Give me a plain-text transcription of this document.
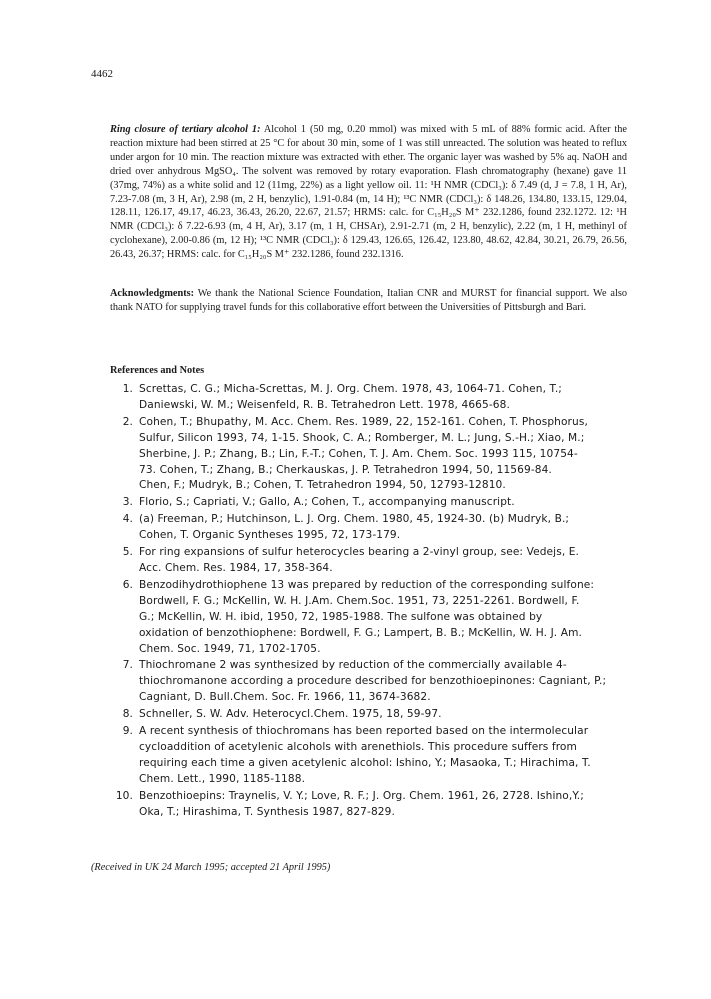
4462
Ring closure of tertiary alcohol 1: Alcohol 1 (50 mg, 0.20 mmol) was mixed with 5 mL of 88% formic acid. After the reaction mixture had been stirred at 25 °C for about 30 min, some of 1 was still unreacted. The solution was heated to reflux under argon for 10 min. The reaction mixture was extracted with ether. The organic layer was washed by 5% aq. NaOH and dried over anhydrous MgSO₄. The solvent was removed by rotary evaporation. Flash chromatography (hexane) gave 11 (37mg, 74%) as a white solid and 12 (11mg, 22%) as a light yellow oil. 11: ¹H NMR (CDCl₃): δ 7.49 (d, J = 7.8, 1 H, Ar), 7.23-7.08 (m, 3 H, Ar), 2.98 (m, 2 H, benzylic), 1.91-0.84 (m, 14 H); ¹³C NMR (CDCl₃): δ 148.26, 134.80, 133.15, 129.04, 128.11, 126.17, 49.17, 46.23, 36.43, 26.20, 22.67, 21.57; HRMS: calc. for C₁₅H₂₀S M⁺ 232.1286, found 232.1272. 12: ¹H NMR (CDCl₃): δ 7.22-6.93 (m, 4 H, Ar), 3.17 (m, 1 H, CHSAr), 2.91-2.71 (m, 2 H, benzylic), 2.22 (m, 1 H, methinyl of cyclohexane), 2.00-0.86 (m, 12 H); ¹³C NMR (CDCl₃): δ 129.43, 126.65, 126.42, 123.80, 48.62, 42.84, 30.21, 26.79, 26.56, 26.43, 26.37; HRMS: calc. for C₁₅H₂₀S M⁺ 232.1286, found 232.1316.
Acknowledgments: We thank the National Science Foundation, Italian CNR and MURST for financial support. We also thank NATO for supplying travel funds for this collaborative effort between the Universities of Pittsburgh and Bari.
References and Notes
1. Screttas, C. G.; Micha-Screttas, M. J. Org. Chem. 1978, 43, 1064-71. Cohen, T.;
Daniewski, W. M.; Weisenfeld, R. B. Tetrahedron Lett. 1978, 4665-68.
2. Cohen, T.; Bhupathy, M. Acc. Chem. Res. 1989, 22, 152-161. Cohen, T. Phosphorus,
Sulfur, Silicon 1993, 74, 1-15. Shook, C. A.; Romberger, M. L.; Jung, S.-H.; Xiao, M.;
Sherbine, J. P.; Zhang, B.; Lin, F.-T.; Cohen, T. J. Am. Chem. Soc. 1993 115, 10754-
73. Cohen, T.; Zhang, B.; Cherkauskas, J. P. Tetrahedron 1994, 50, 11569-84.
Chen, F.; Mudryk, B.; Cohen, T. Tetrahedron 1994, 50, 12793-12810.
3. Florio, S.; Capriati, V.; Gallo, A.; Cohen, T., accompanying manuscript.
4. (a) Freeman, P.; Hutchinson, L. J. Org. Chem. 1980, 45, 1924-30. (b) Mudryk, B.;
Cohen, T. Organic Syntheses 1995, 72, 173-179.
5. For ring expansions of sulfur heterocycles bearing a 2-vinyl group, see: Vedejs, E.
Acc. Chem. Res. 1984, 17, 358-364.
6. Benzodihydrothiophene 13 was prepared by reduction of the corresponding sulfone:
Bordwell, F. G.; McKellin, W. H. J.Am. Chem.Soc. 1951, 73, 2251-2261. Bordwell, F.
G.; McKellin, W. H. ibid, 1950, 72, 1985-1988. The sulfone was obtained by
oxidation of benzothiophene: Bordwell, F. G.; Lampert, B. B.; McKellin, W. H. J. Am.
Chem. Soc. 1949, 71, 1702-1705.
7. Thiochromane 2 was synthesized by reduction of the commercially available 4-
thiochromanone according a procedure described for benzothioepinones: Cagniant, P.;
Cagniant, D. Bull.Chem. Soc. Fr. 1966, 11, 3674-3682.
8. Schneller, S. W. Adv. Heterocycl.Chem. 1975, 18, 59-97.
9. A recent synthesis of thiochromans has been reported based on the intermolecular
cycloaddition of acetylenic alcohols with arenethiols. This procedure suffers from
requiring each time a given acetylenic alcohol: Ishino, Y.; Masaoka, T.; Hirachima, T.
Chem. Lett., 1990, 1185-1188.
10. Benzothioepins: Traynelis, V. Y.; Love, R. F.; J. Org. Chem. 1961, 26, 2728. Ishino,Y.;
Oka, T.; Hirashima, T. Synthesis 1987, 827-829.
(Received in UK 24 March 1995; accepted 21 April 1995)
